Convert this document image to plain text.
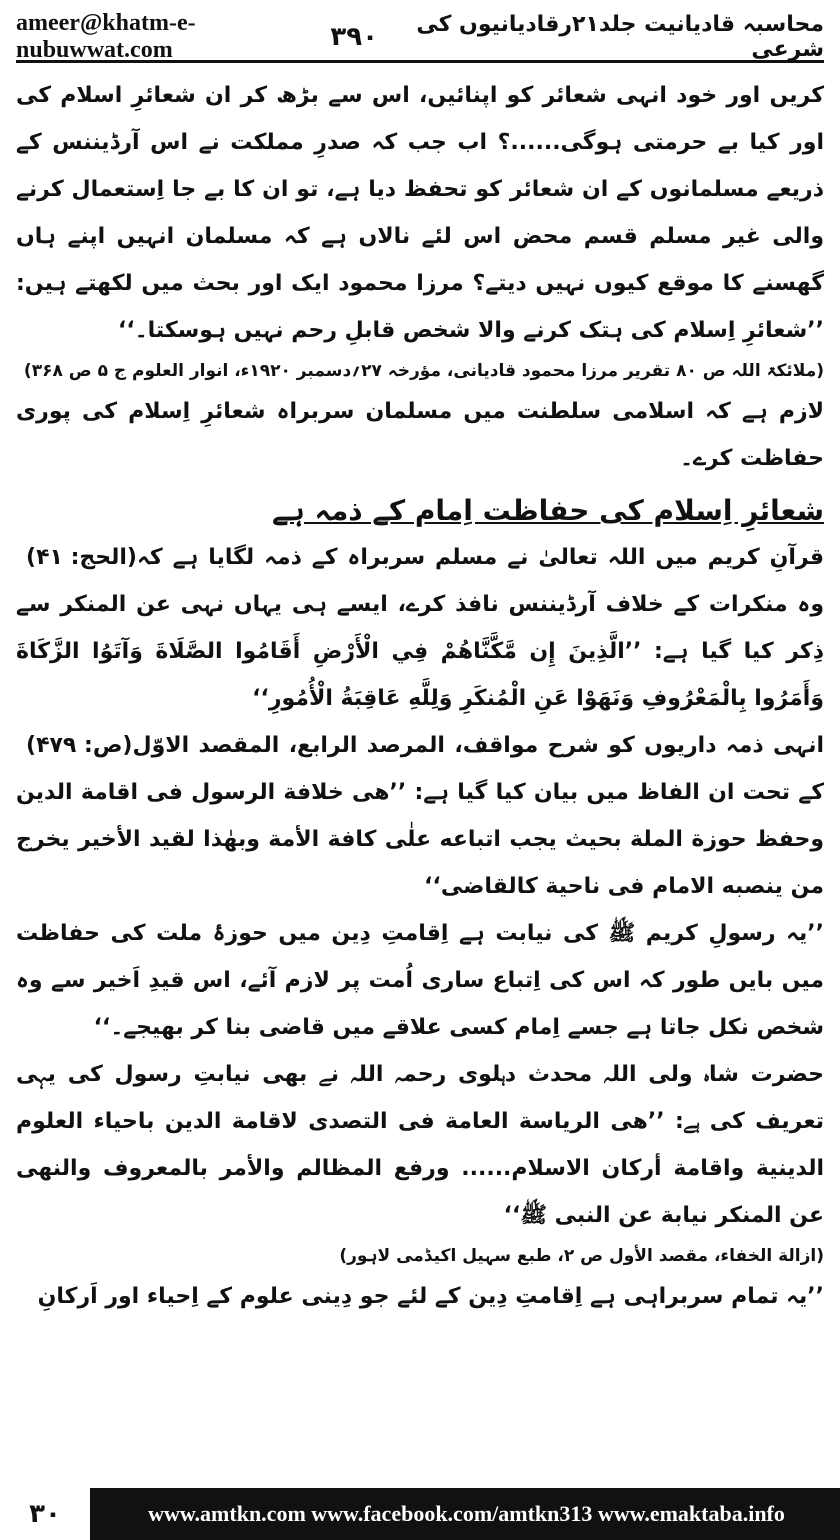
ameer@khatm-e-nubuwwat.com	۳۹۰	محاسبہ قادیانیت جلد۲۱رقادیانیوں کی شرعی

کریں اور خود انہی شعائر کو اپنائیں، اس سے بڑھ کر ان شعائرِ اسلام کی اور کیا بے حرمتی ہوگی......؟ اب جب کہ صدرِ مملکت نے اس آرڈیننس کے ذریعے مسلمانوں کے ان شعائر کو تحفظ دیا ہے، تو ان کا بے جا اِستعمال کرنے والی غیر مسلم قسم محض اس لئے نالاں ہے کہ مسلمان انہیں اپنے ہاں گھسنے کا موقع کیوں نہیں دیتے؟ مرزا محمود ایک اور بحث میں لکھتے ہیں: ’’شعائرِ اِسلام کی ہتک کرنے والا شخص قابلِ رحم نہیں ہوسکتا۔‘‘

(ملائکۃ اللہ ص ۸۰ تقریر مرزا محمود قادیانی، مؤرخہ ۲۷؍دسمبر ۱۹۲۰ء، انوار العلوم ج ۵ ص ۳۶۸)

لازم ہے کہ اسلامی سلطنت میں مسلمان سربراہ شعائرِ اِسلام کی پوری حفاظت کرے۔

شعائرِ اِسلام کی حفاظت اِمام کے ذمہ ہے

(الحج: ۴۱) قرآنِ کریم میں اللہ تعالیٰ نے مسلم سربراہ کے ذمہ لگایا ہے کہ وہ منکرات کے خلاف آرڈیننس نافذ کرے، ایسے ہی یہاں نہی عن المنکر سے ذِکر کیا گیا ہے: ’’الَّذِينَ إِن مَّكَّنَّاهُمْ فِي الْأَرْضِ أَقَامُوا الصَّلَاةَ وَآتَوُا الزَّكَاةَ وَأَمَرُوا بِالْمَعْرُوفِ وَنَهَوْا عَنِ الْمُنكَرِ وَلِلَّهِ عَاقِبَةُ الْأُمُورِ‘‘

(ص: ۴۷۹) انہی ذمہ داریوں کو شرح مواقف، المرصد الرابع، المقصد الاوّل کے تحت ان الفاظ میں بیان کیا گیا ہے: ’’هی خلافة الرسول فی اقامة الدين وحفظ حوزة الملة بحيث يجب اتباعه علٰی كافة الأمة وبهٰذا لقيد الأخير يخرج من ينصبه الامام فی ناحية كالقاضی‘‘

’’یہ رسولِ کریم ﷺ کی نیابت ہے اِقامتِ دِین میں حوزۂ ملت کی حفاظت میں بایں طور کہ اس کی اِتباع ساری اُمت پر لازم آئے، اس قیدِ اَخیر سے وہ شخص نکل جاتا ہے جسے اِمام کسی علاقے میں قاضی بنا کر بھیجے۔‘‘

حضرت شاہ ولی اللہ محدث دہلوی رحمہ اللہ نے بھی نیابتِ رسول کی یہی تعریف کی ہے: ’’هی الرياسة العامة فی التصدی لاقامة الدين باحياء العلوم الدينية واقامة أركان الاسلام...... ورفع المظالم والأمر بالمعروف والنهی عن المنكر نيابة عن النبی ﷺ‘‘

(ازالة الخفاء، مقصد الأول ص ۲، طبع سہیل اکیڈمی لاہور)

’’یہ تمام سربراہی ہے اِقامتِ دِین کے لئے جو دِینی علوم کے اِحیاء اور اَرکانِ

۳۰	www.amtkn.com www.facebook.com/amtkn313 www.emaktaba.info
